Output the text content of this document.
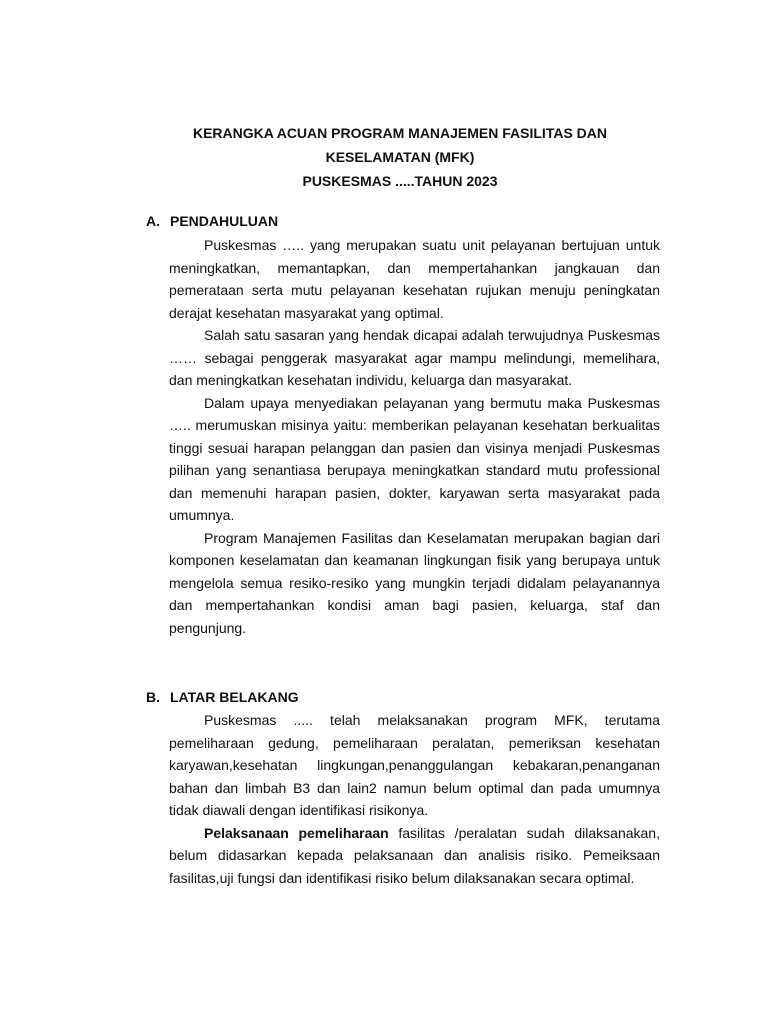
KERANGKA ACUAN PROGRAM MANAJEMEN FASILITAS DAN
KESELAMATAN (MFK)
PUSKESMAS .....TAHUN 2023
A. PENDAHULUAN

Puskesmas ….. yang merupakan suatu unit pelayanan bertujuan untuk meningkatkan, memantapkan, dan mempertahankan jangkauan dan pemerataan serta mutu pelayanan kesehatan rujukan menuju peningkatan derajat kesehatan masyarakat yang optimal.

Salah satu sasaran yang hendak dicapai adalah terwujudnya Puskesmas …… sebagai penggerak masyarakat agar mampu melindungi, memelihara, dan meningkatkan kesehatan individu, keluarga dan masyarakat.

Dalam upaya menyediakan pelayanan yang bermutu maka Puskesmas ….. merumuskan misinya yaitu: memberikan pelayanan kesehatan berkualitas tinggi sesuai harapan pelanggan dan pasien dan visinya menjadi Puskesmas pilihan yang senantiasa berupaya meningkatkan standard mutu professional dan memenuhi harapan pasien, dokter, karyawan serta masyarakat pada umumnya.

Program Manajemen Fasilitas dan Keselamatan merupakan bagian dari komponen keselamatan dan keamanan lingkungan fisik yang berupaya untuk mengelola semua resiko-resiko yang mungkin terjadi didalam pelayanannya dan mempertahankan kondisi aman bagi pasien, keluarga, staf dan pengunjung.

B. LATAR BELAKANG

Puskesmas ..... telah melaksanakan program MFK, terutama pemeliharaan gedung, pemeliharaan peralatan, pemeriksan kesehatan karyawan,kesehatan lingkungan,penanggulangan kebakaran,penanganan bahan dan limbah B3 dan lain2 namun belum optimal dan pada umumnya tidak diawali dengan identifikasi risikonya.

Pelaksanaan pemeliharaan fasilitas /peralatan sudah dilaksanakan, belum didasarkan kepada pelaksanaan dan analisis risiko. Pemeiksaan fasilitas,uji fungsi dan identifikasi risiko belum dilaksanakan secara optimal.
